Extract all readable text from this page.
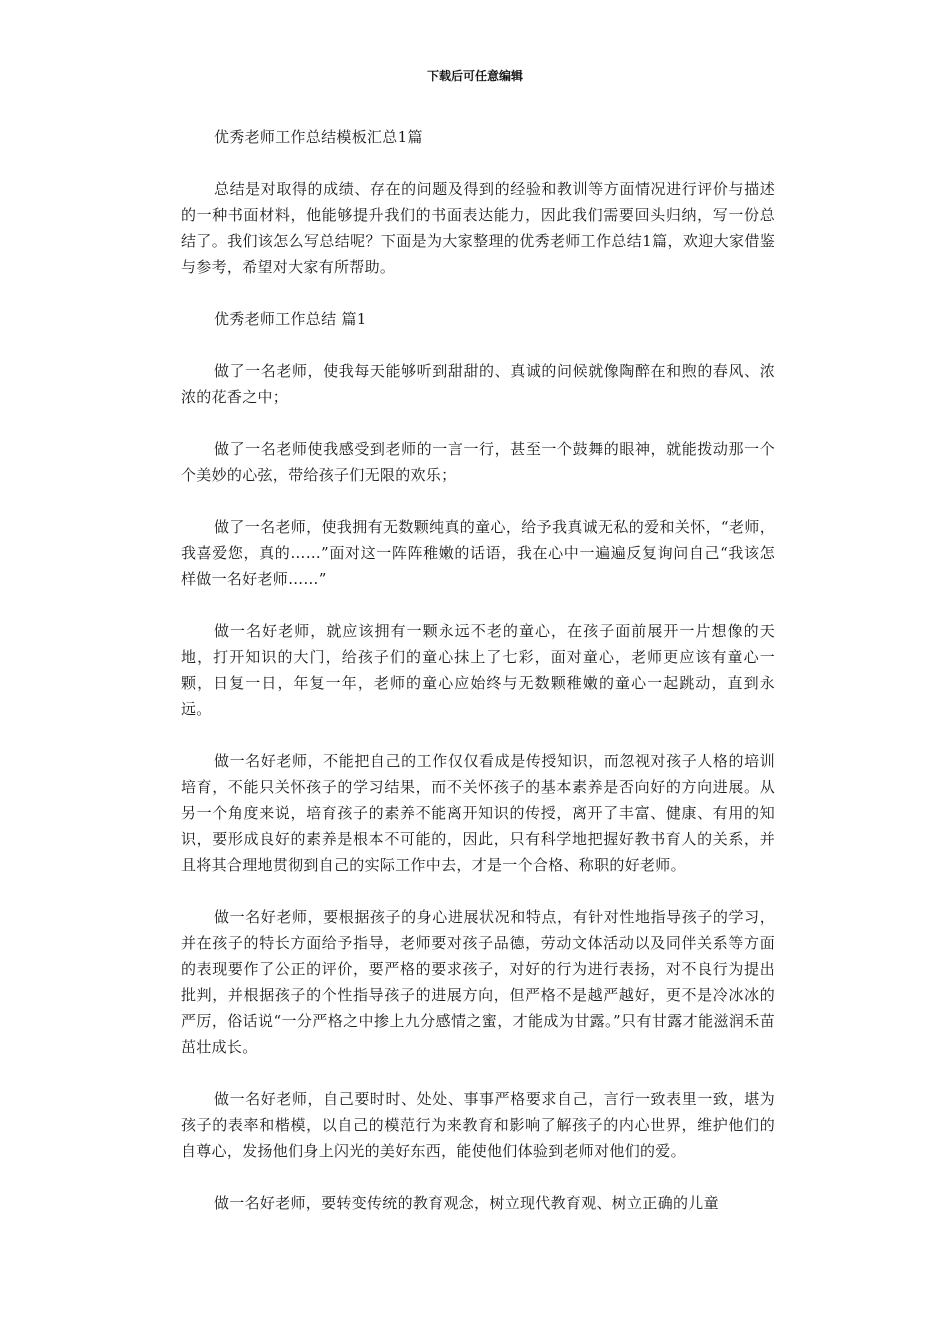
下载后可任意编辑

优秀老师工作总结模板汇总1篇

总结是对取得的成绩、存在的问题及得到的经验和教训等方面情况进行评价与描述的一种书面材料，他能够提升我们的书面表达能力，因此我们需要回头归纳，写一份总结了。我们该怎么写总结呢？下面是为大家整理的优秀老师工作总结1篇，欢迎大家借鉴与参考，希望对大家有所帮助。

优秀老师工作总结 篇1

做了一名老师，使我每天能够听到甜甜的、真诚的问候就像陶醉在和煦的春风、浓浓的花香之中；

做了一名老师使我感受到老师的一言一行，甚至一个鼓舞的眼神，就能拨动那一个个美妙的心弦，带给孩子们无限的欢乐；

做了一名老师，使我拥有无数颗纯真的童心，给予我真诚无私的爱和关怀，“老师，我喜爱您，真的……”面对这一阵阵稚嫩的话语，我在心中一遍遍反复询问自己“我该怎样做一名好老师……”

做一名好老师，就应该拥有一颗永远不老的童心，在孩子面前展开一片想像的天地，打开知识的大门，给孩子们的童心抹上了七彩，面对童心，老师更应该有童心一颗，日复一日，年复一年，老师的童心应始终与无数颗稚嫩的童心一起跳动，直到永远。

做一名好老师，不能把自己的工作仅仅看成是传授知识，而忽视对孩子人格的培训培育，不能只关怀孩子的学习结果，而不关怀孩子的基本素养是否向好的方向进展。从另一个角度来说，培育孩子的素养不能离开知识的传授，离开了丰富、健康、有用的知识，要形成良好的素养是根本不可能的，因此，只有科学地把握好教书育人的关系，并且将其合理地贯彻到自己的实际工作中去，才是一个合格、称职的好老师。

做一名好老师，要根据孩子的身心进展状况和特点，有针对性地指导孩子的学习，并在孩子的特长方面给予指导，老师要对孩子品德，劳动文体活动以及同伴关系等方面的表现要作了公正的评价，要严格的要求孩子，对好的行为进行表扬，对不良行为提出批判，并根据孩子的个性指导孩子的进展方向，但严格不是越严越好，更不是冷冰冰的严厉，俗话说“一分严格之中掺上九分感情之蜜，才能成为甘露。”只有甘露才能滋润禾苗茁壮成长。

做一名好老师，自己要时时、处处、事事严格要求自己，言行一致表里一致，堪为孩子的表率和楷模，以自己的模范行为来教育和影响了解孩子的内心世界，维护他们的自尊心，发扬他们身上闪光的美好东西，能使他们体验到老师对他们的爱。

做一名好老师，要转变传统的教育观念，树立现代教育观、树立正确的儿童
